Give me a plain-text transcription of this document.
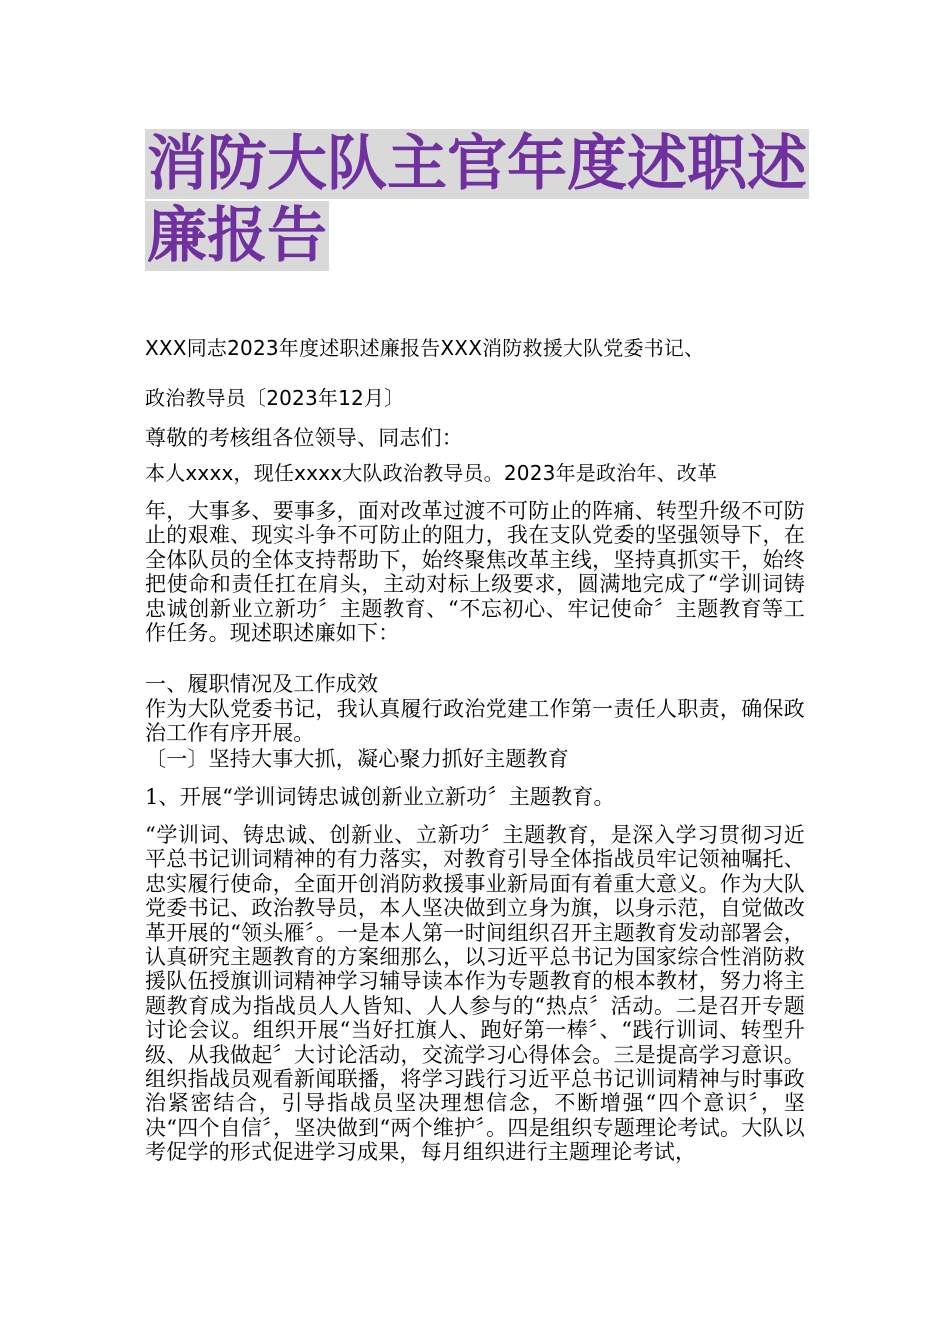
消防大队主官年度述职述廉报告

XXX同志2023年度述职述廉报告XXX消防救援大队党委书记、

政治教导员〔2023年12月〕

尊敬的考核组各位领导、同志们：

本人xxxx，现任xxxx大队政治教导员。2023年是政治年、改革

年，大事多、要事多，面对改革过渡不可防止的阵痛、转型升级不可防止的艰难、现实斗争不可防止的阻力，我在支队党委的坚强领导下，在全体队员的全体支持帮助下，始终聚焦改革主线，坚持真抓实干，始终把使命和责任扛在肩头，主动对标上级要求，圆满地完成了“学训词铸忠诚创新业立新功〞主题教育、“不忘初心、牢记使命〞主题教育等工作任务。现述职述廉如下：

一、履职情况及工作成效

作为大队党委书记，我认真履行政治党建工作第一责任人职责，确保政治工作有序开展。

〔一〕坚持大事大抓，凝心聚力抓好主题教育

1、开展“学训词铸忠诚创新业立新功〞主题教育。

“学训词、铸忠诚、创新业、立新功〞主题教育，是深入学习贯彻习近平总书记训词精神的有力落实，对教育引导全体指战员牢记领袖嘱托、忠实履行使命，全面开创消防救援事业新局面有着重大意义。作为大队党委书记、政治教导员，本人坚决做到立身为旗，以身示范，自觉做改革开展的“领头雁〞。一是本人第一时间组织召开主题教育发动部署会，认真研究主题教育的方案细那么，以习近平总书记为国家综合性消防救援队伍授旗训词精神学习辅导读本作为专题教育的根本教材，努力将主题教育成为指战员人人皆知、人人参与的“热点〞活动。二是召开专题讨论会议。组织开展“当好扛旗人、跑好第一棒〞、“践行训词、转型升级、从我做起〞大讨论活动，交流学习心得体会。三是提高学习意识。组织指战员观看新闻联播，将学习践行习近平总书记训词精神与时事政治紧密结合，引导指战员坚决理想信念，不断增强“四个意识〞，坚决“四个自信〞，坚决做到“两个维护〞。四是组织专题理论考试。大队以考促学的形式促进学习成果，每月组织进行主题理论考试，
